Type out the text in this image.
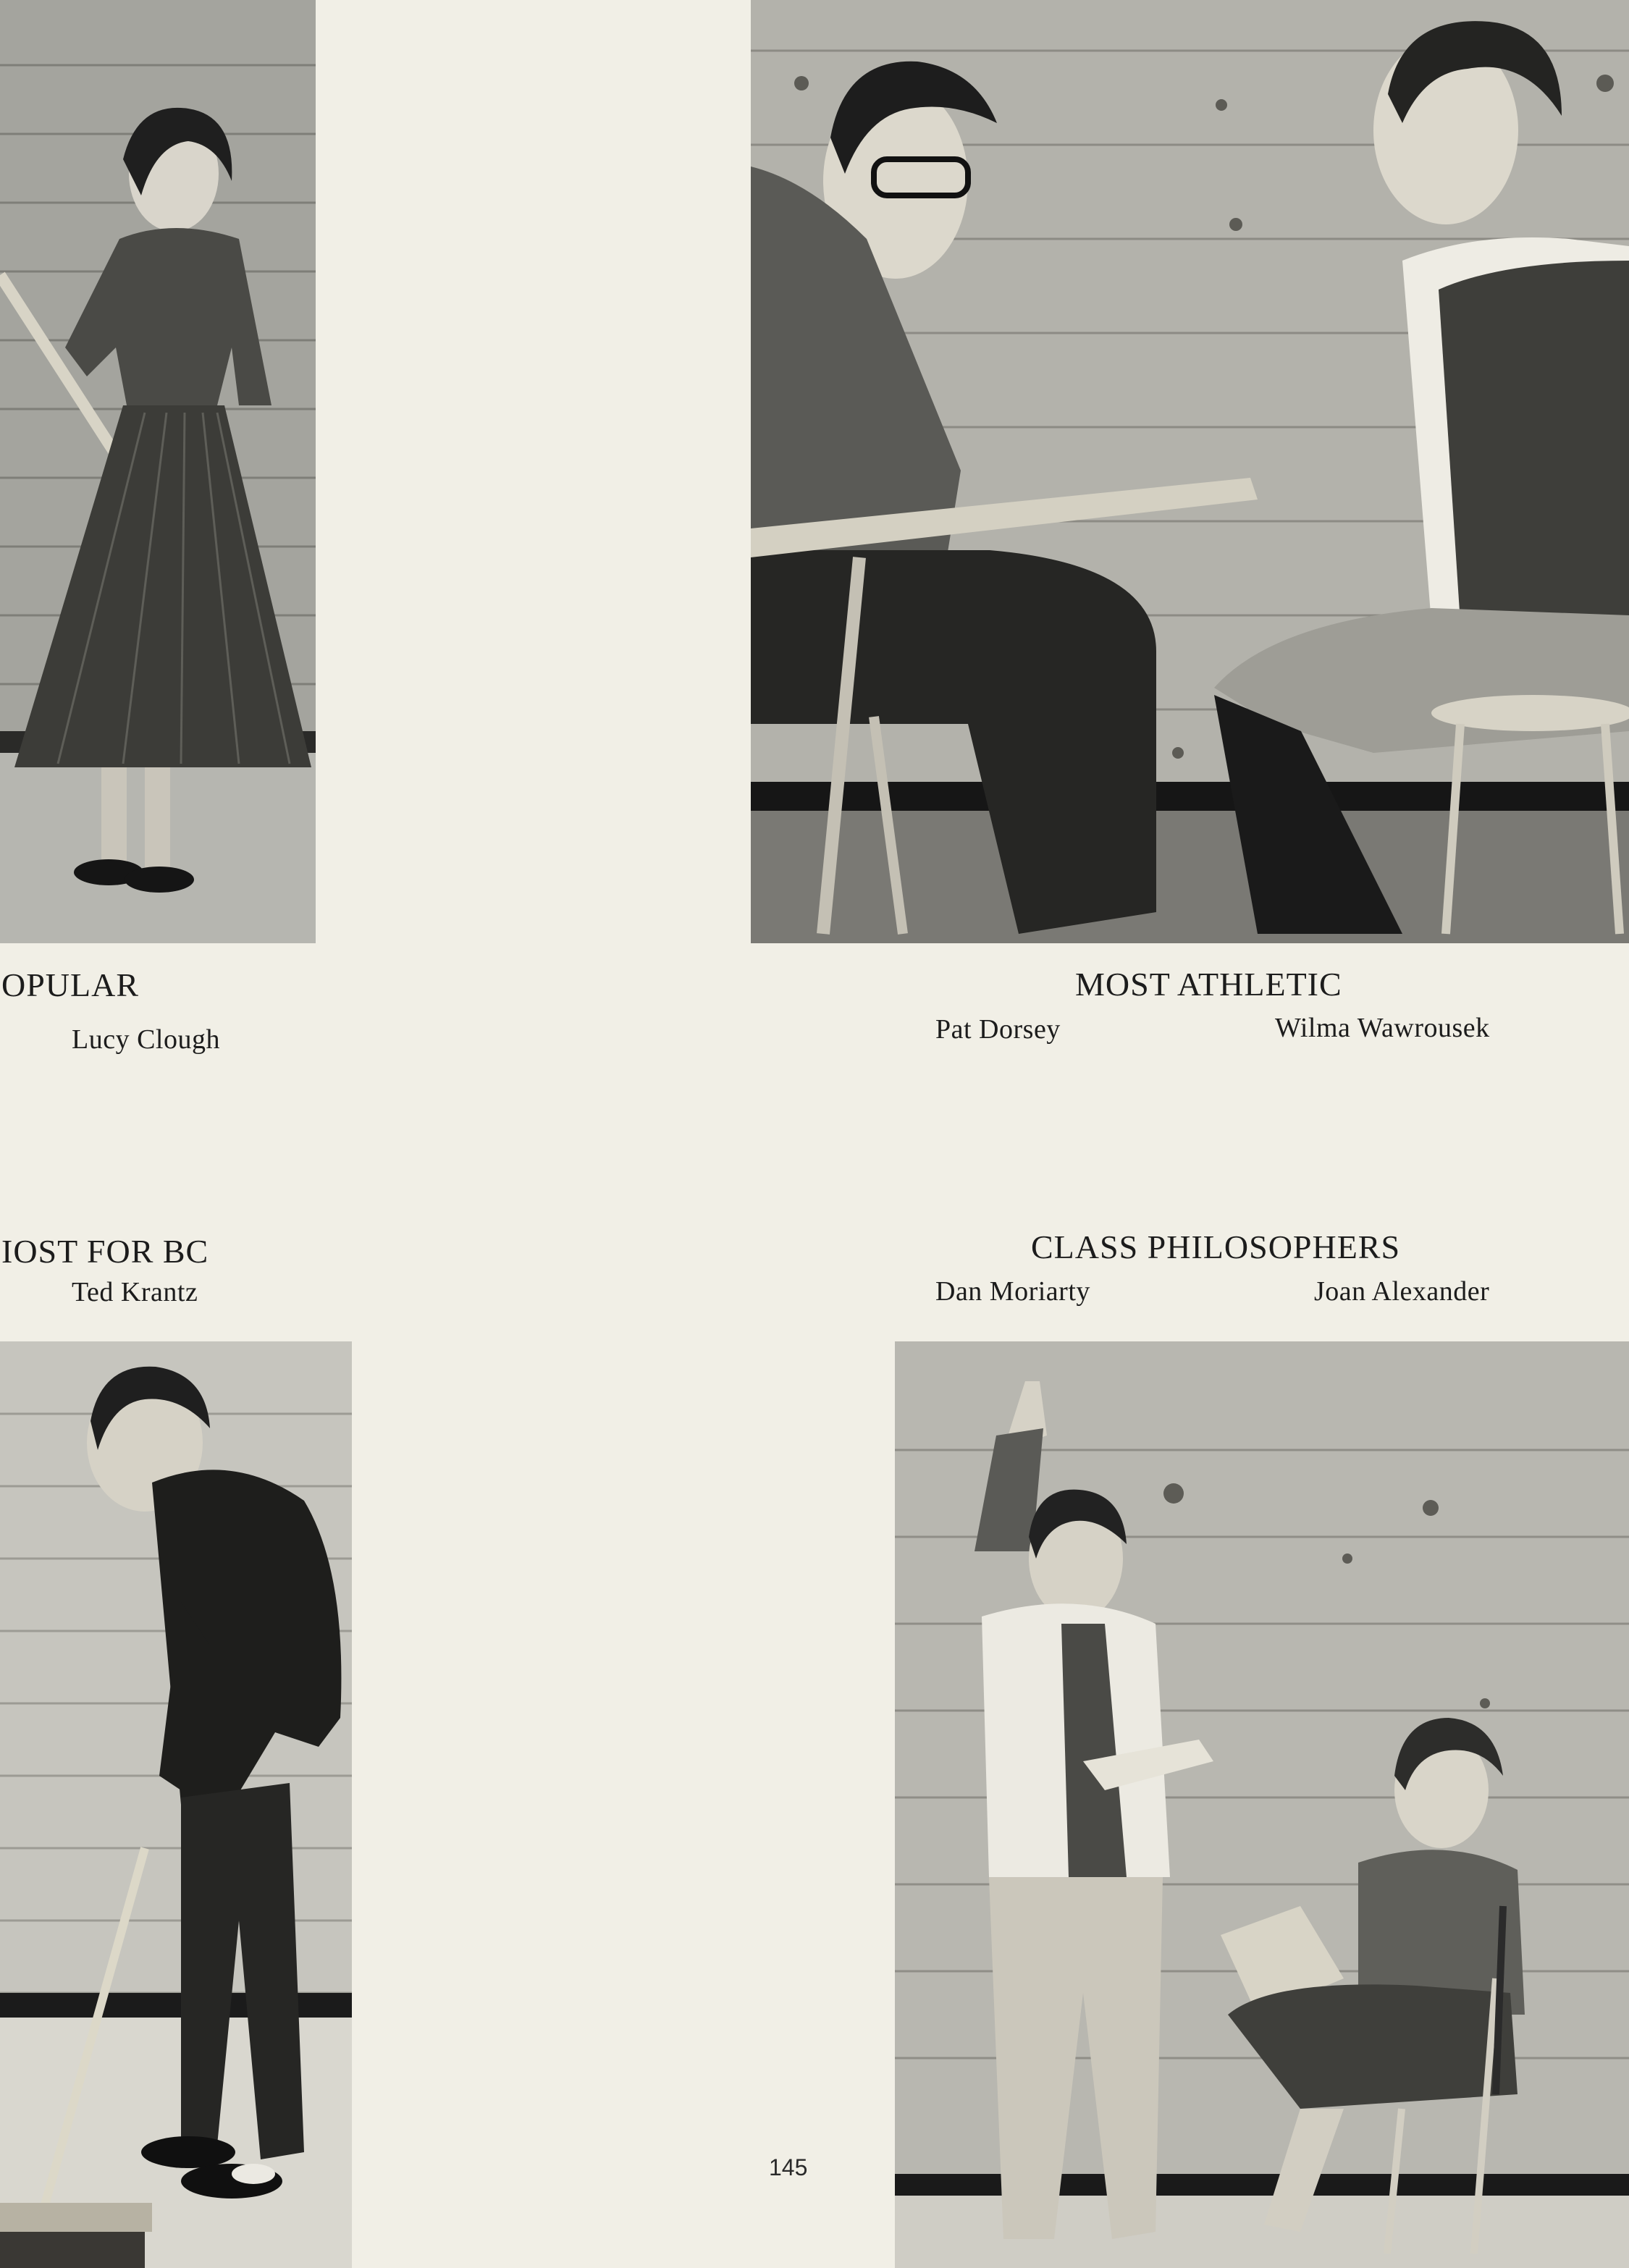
OPULAR
Lucy Clough
MOST ATHLETIC
Pat Dorsey	Wilma Wawrousek
IOST FOR BC
Ted Krantz
CLASS PHILOSOPHERS
Dan Moriarty	Joan Alexander
145
